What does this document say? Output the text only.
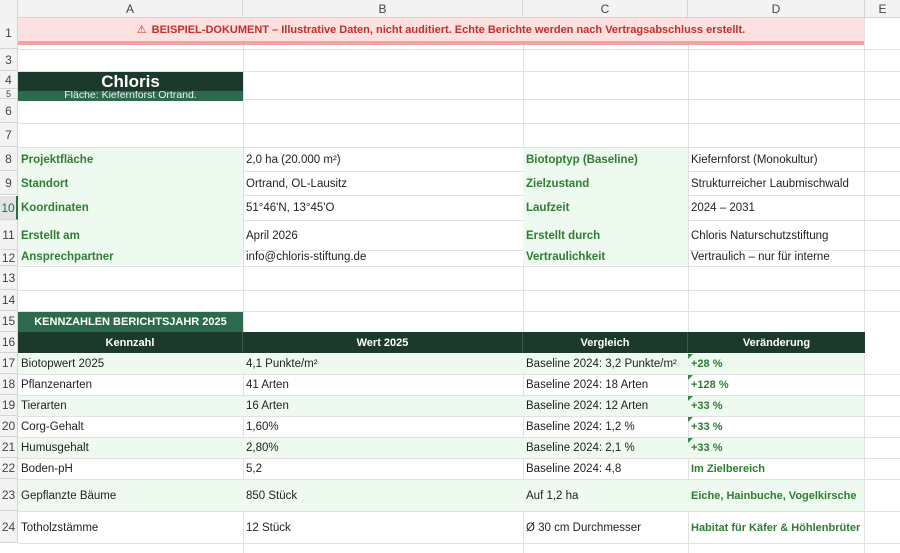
A	B	C	D	E
1
3
4
5
6
7
8
9
10
11
12
13
14
15
16
17
18
19
20
21
22
23
24
⚠ BEISPIEL-DOKUMENT – Illustrative Daten, nicht auditiert. Echte Berichte werden nach Vertragsabschluss erstellt.
Chloris
Fläche: Kiefernforst Ortrand.
Projektfläche	2,0 ha (20.000 m²)	Biotoptyp (Baseline)	Kiefernforst (Monokultur)
Standort	Ortrand, OL-Lausitz	Zielzustand	Strukturreicher Laubmischwald
Koordinaten	51°46'N, 13°45'O	Laufzeit	2024 – 2031
Erstellt am	April 2026	Erstellt durch	Chloris Naturschutzstiftung
Ansprechpartner	info@chloris-stiftung.de	Vertraulichkeit	Vertraulich – nur für interne
KENNZAHLEN BERICHTSJAHR 2025
Kennzahl	Wert 2025	Vergleich	Veränderung
Biotopwert 2025	4,1 Punkte/m²	Baseline 2024: 3,2 Punkte/m²	+28 %
Pflanzenarten	41 Arten	Baseline 2024: 18 Arten	+128 %
Tierarten	16 Arten	Baseline 2024: 12 Arten	+33 %
Corg-Gehalt	1,60%	Baseline 2024: 1,2 %	+33 %
Humusgehalt	2,80%	Baseline 2024: 2,1 %	+33 %
Boden-pH	5,2	Baseline 2024: 4,8	Im Zielbereich
Gepflanzte Bäume	850 Stück	Auf 1,2 ha	Eiche, Hainbuche, Vogelkirsche
Totholzstämme	12 Stück	Ø 30 cm Durchmesser	Habitat für Käfer & Höhlenbrüter
